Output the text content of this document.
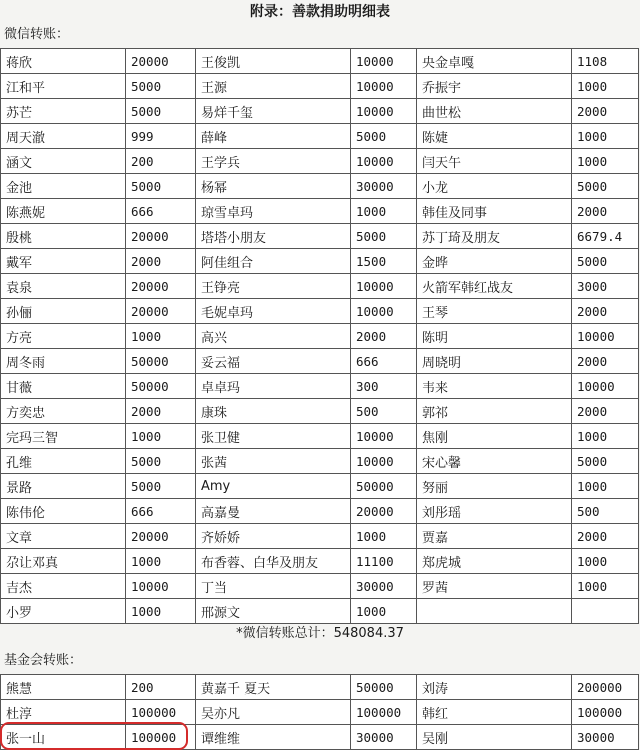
附录：善款捐助明细表
微信转账：
蒋欣	20000	王俊凯	10000	央金卓嘎	1108
江和平	5000	王源	10000	乔振宇	1000
苏芒	5000	易烊千玺	10000	曲世松	2000
周天澈	999	薛峰	5000	陈婕	1000
涵文	200	王学兵	10000	闫天午	1000
金池	5000	杨幂	30000	小龙	5000
陈燕妮	666	琼雪卓玛	1000	韩佳及同事	2000
殷桃	20000	塔塔小朋友	5000	苏丁琦及朋友	6679.4
戴军	2000	阿佳组合	1500	金晔	5000
袁泉	20000	王铮亮	10000	火箭军韩红战友	3000
孙俪	20000	毛妮卓玛	10000	王琴	2000
方亮	1000	高兴	2000	陈明	10000
周冬雨	50000	妥云福	666	周晓明	2000
甘薇	50000	卓卓玛	300	韦来	10000
方奕忠	2000	康珠	500	郭祁	2000
完玛三智	1000	张卫健	10000	焦刚	1000
孔维	5000	张茜	10000	宋心馨	5000
景路	5000	Amy	50000	努丽	1000
陈伟伦	666	高嘉曼	20000	刘彤瑶	500
文章	20000	齐娇娇	1000	贾嘉	2000
尕让邓真	1000	布香蓉、白华及朋友	11100	郑虎城	1000
吉杰	10000	丁当	30000	罗茜	1000
小罗	1000	邢源文	1000		
*微信转账总计：548084.37
基金会转账：
熊慧	200	黄嘉千 夏天	50000	刘涛	200000
杜淳	100000	吴亦凡	100000	韩红	100000
张一山	100000	谭维维	30000	吴刚	30000
